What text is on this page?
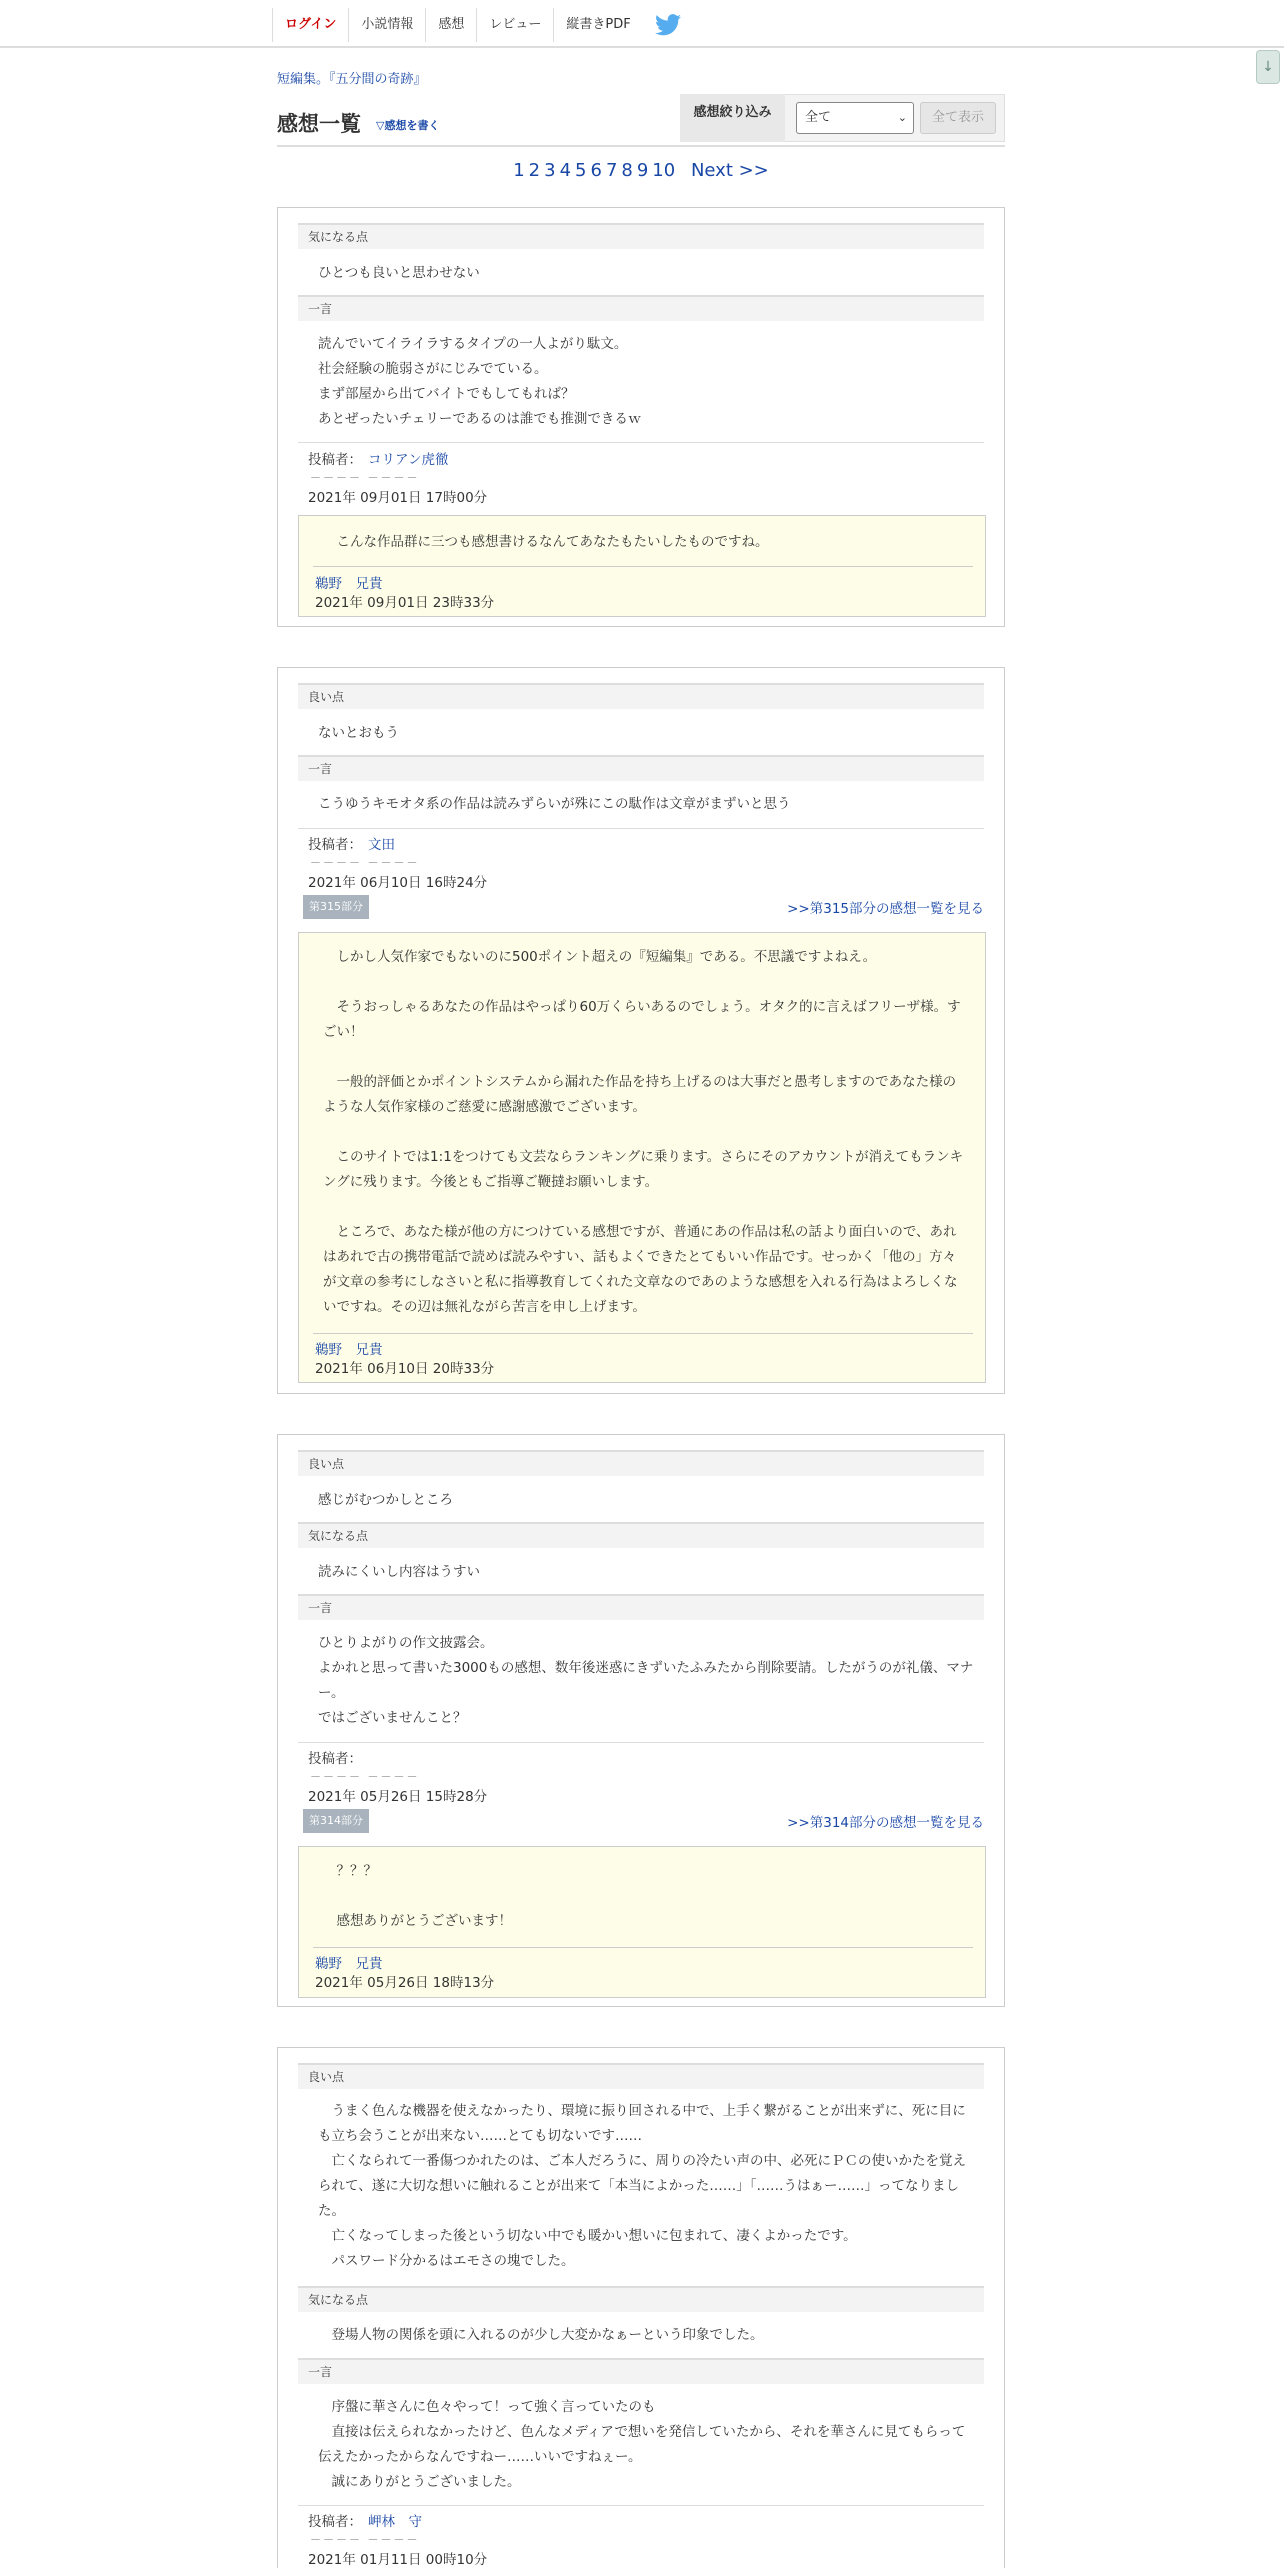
ログイン	小説情報	感想	レビュー	縦書きPDF
↓
短編集。『五分間の奇跡』
感想一覧 ▽感想を書く
感想絞り込み	全て	⌄	全て表示
1 2 3 4 5 6 7 8 9 10 Next >>
気になる点
ひとつも良いと思わせない
一言
読んでいてイライラするタイプの一人よがり駄文。
社会経験の脆弱さがにじみでている。
まず部屋から出てバイトでもしてもれば？
あとぜったいチェリーであるのは誰でも推測できるｗ
投稿者： コリアン虎徹
－－－－ －－－－
2021年 09月01日 17時00分
　こんな作品群に三つも感想書けるなんてあなたもたいしたものですね。
鵜野　兄貴
2021年 09月01日 23時33分
良い点
ないとおもう
一言
こうゆうキモオタ系の作品は読みずらいが殊にこの駄作は文章がまずいと思う
投稿者： 文田
－－－－ －－－－
2021年 06月10日 16時24分
第315部分	>>第315部分の感想一覧を見る
　しかし人気作家でもないのに500ポイント超えの『短編集』である。不思議ですよねえ。

　そうおっしゃるあなたの作品はやっぱり60万くらいあるのでしょう。オタク的に言えばフリーザ様。すごい！

　一般的評価とかポイントシステムから漏れた作品を持ち上げるのは大事だと愚考しますのであなた様のような人気作家様のご慈愛に感謝感激でございます。

　このサイトでは1:1をつけても文芸ならランキングに乗ります。さらにそのアカウントが消えてもランキングに残ります。今後ともご指導ご鞭撻お願いします。

　ところで、あなた様が他の方につけている感想ですが、普通にあの作品は私の話より面白いので、あれはあれで古の携帯電話で読めば読みやすい、話もよくできたとてもいい作品です。せっかく「他の」方々が文章の参考にしなさいと私に指導教育してくれた文章なのであのような感想を入れる行為はよろしくないですね。その辺は無礼ながら苦言を申し上げます。
鵜野　兄貴
2021年 06月10日 20時33分
良い点
感じがむつかしところ
気になる点
読みにくいし内容はうすい
一言
ひとりよがりの作文披露会。
よかれと思って書いた3000もの感想、数年後迷惑にきずいたふみたから削除要請。したがうのが礼儀、マナー。
ではございませんこと？
投稿者：
－－－－ －－－－
2021年 05月26日 15時28分
第314部分	>>第314部分の感想一覧を見る
　？？？

　感想ありがとうございます！
鵜野　兄貴
2021年 05月26日 18時13分
良い点
　うまく色んな機器を使えなかったり、環境に振り回される中で、上手く繋がることが出来ずに、死に目にも立ち会うことが出来ない……とても切ないです……
　亡くなられて一番傷つかれたのは、ご本人だろうに、周りの冷たい声の中、必死にＰＣの使いかたを覚えられて、遂に大切な想いに触れることが出来て「本当によかった……」「……うはぁー……」ってなりました。
　亡くなってしまった後という切ない中でも暖かい想いに包まれて、凄くよかったです。
　パスワード分かるはエモさの塊でした。
気になる点
　登場人物の関係を頭に入れるのが少し大変かなぁーという印象でした。
一言
　序盤に華さんに色々やって！って強く言っていたのも
　直接は伝えられなかったけど、色んなメディアで想いを発信していたから、それを華さんに見てもらって伝えたかったからなんですねー……いいですねぇー。
　誠にありがとうございました。
投稿者： 岬林　守
－－－－ －－－－
2021年 01月11日 00時10分
